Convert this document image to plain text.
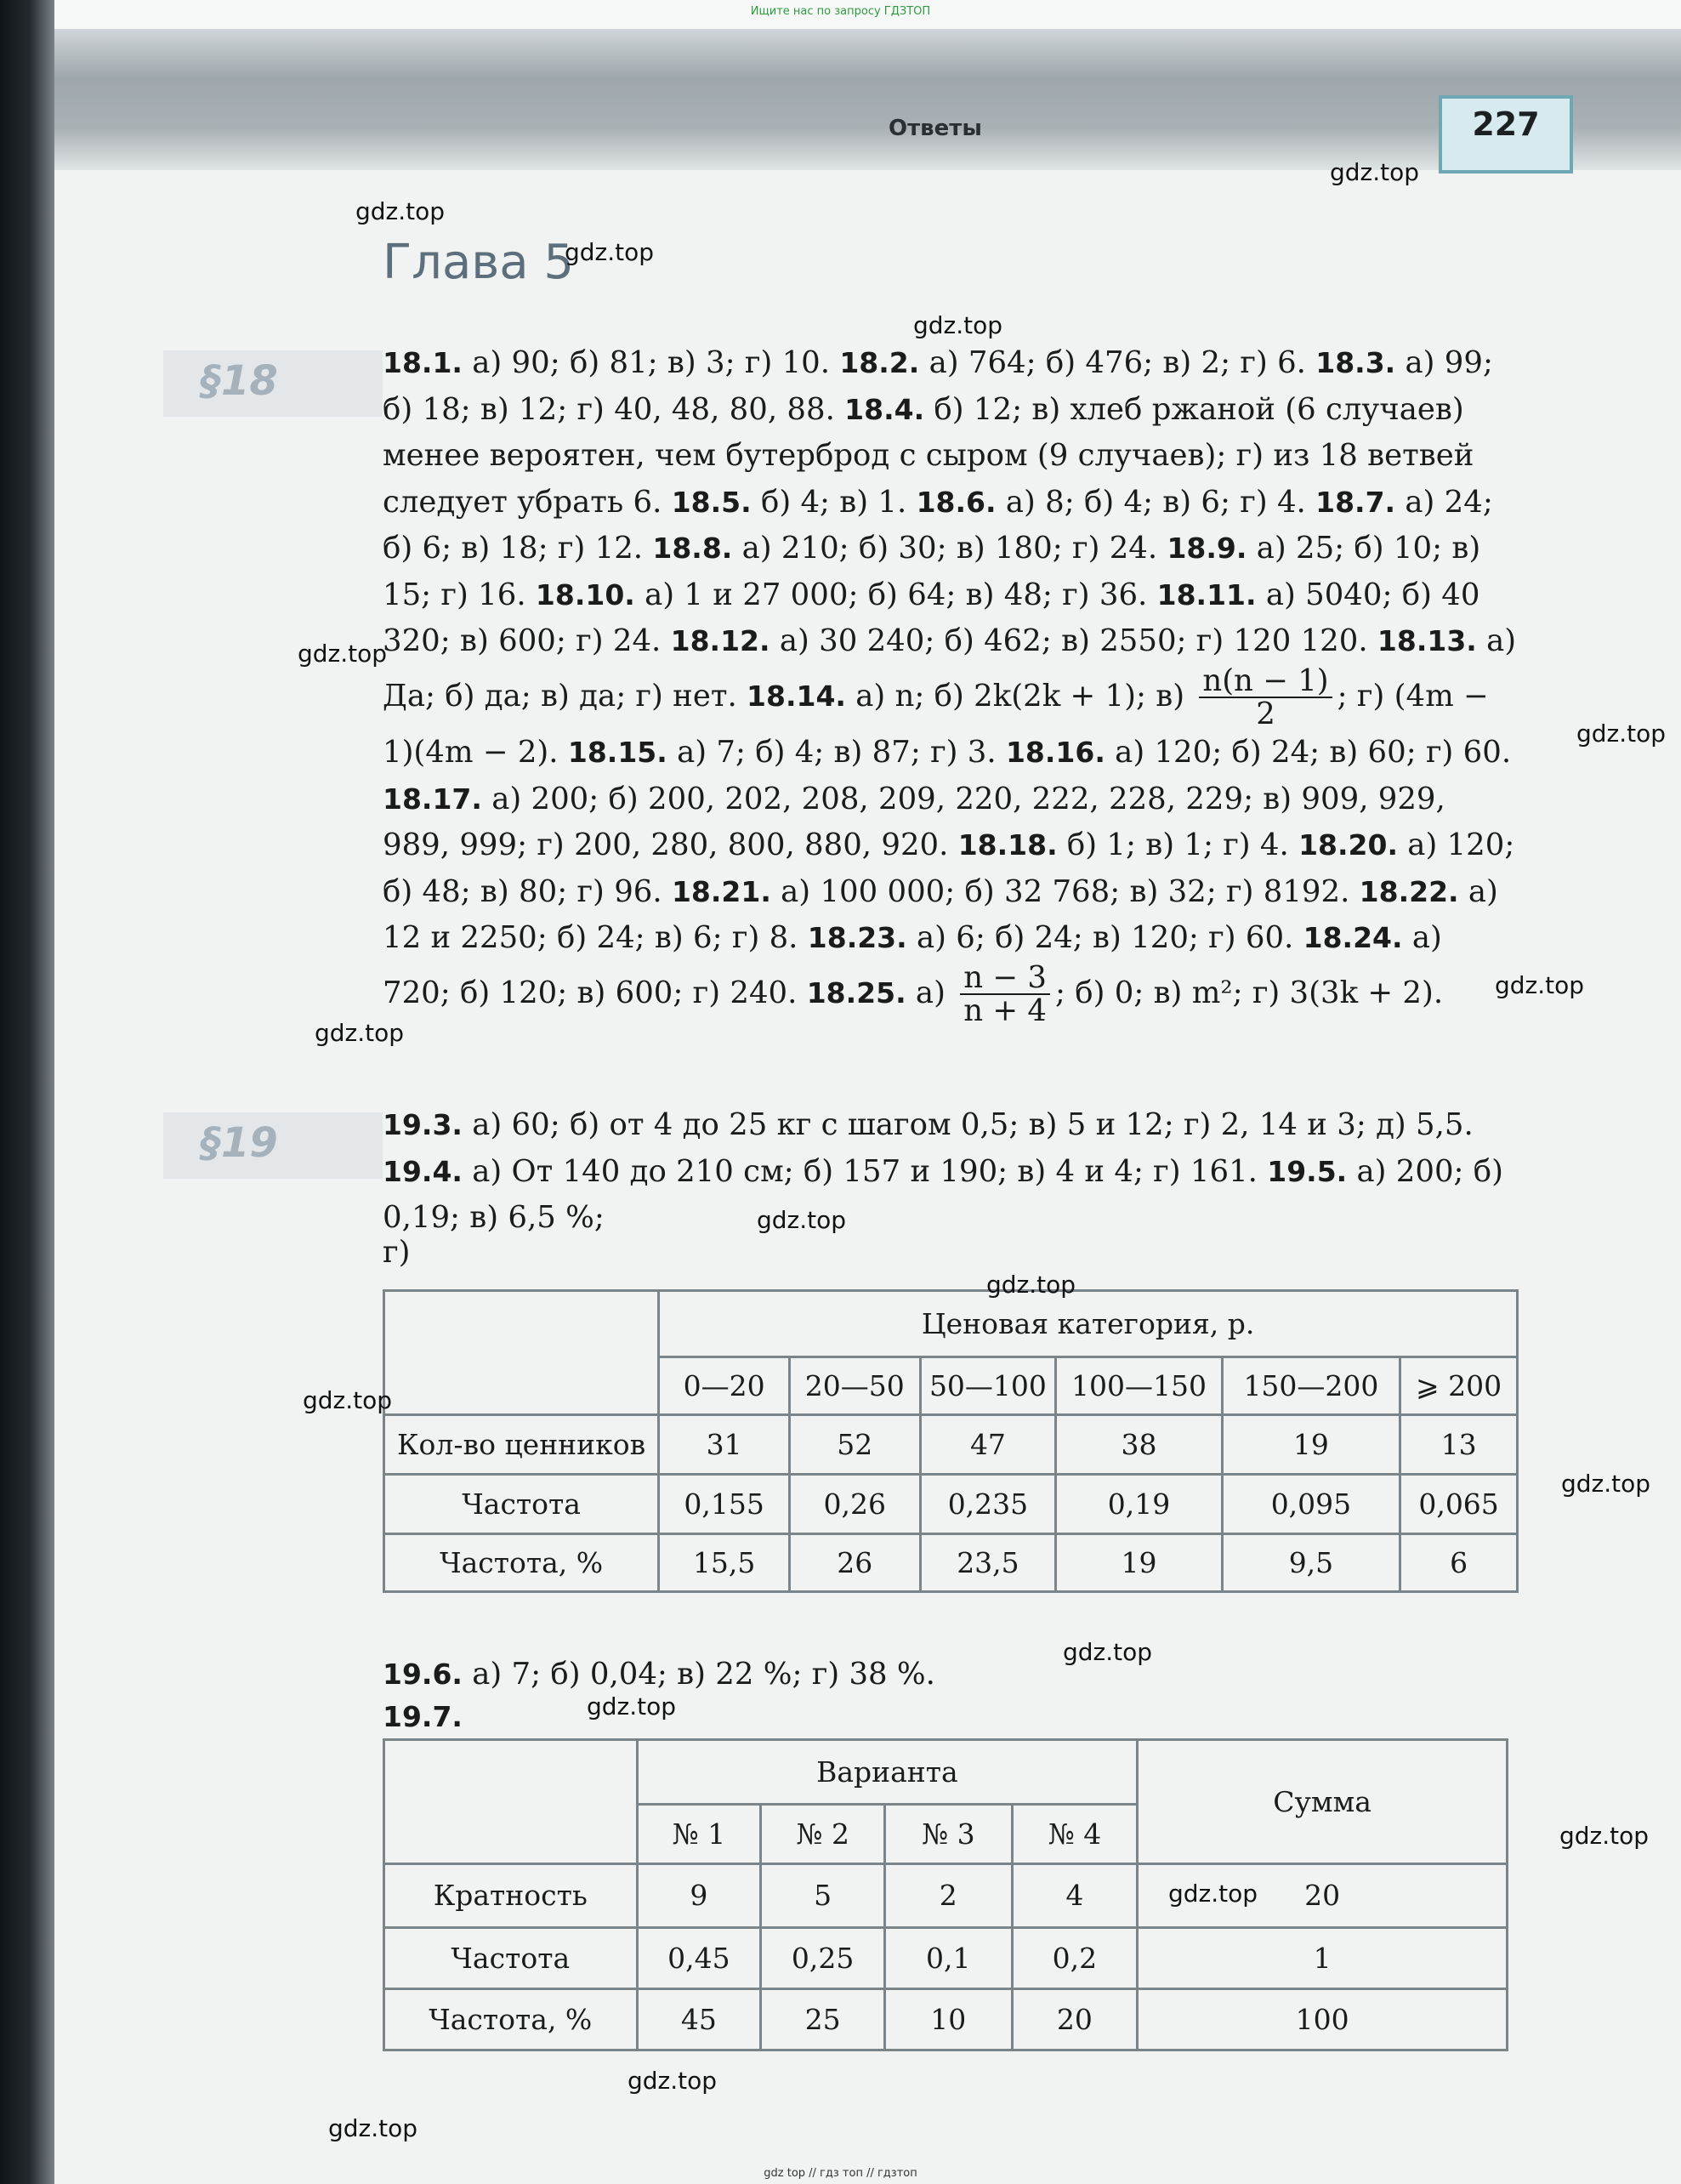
Ищите нас по запросу ГДЗТОП
Ответы	227
Глава 5
§18
§19

18.1. а) 90; б) 81; в) 3; г) 10. 18.2. а) 764; б) 476; в) 2; г) 6. 18.3. а) 99; б) 18; в) 12; г) 40, 48, 80, 88. 18.4. б) 12; в) хлеб ржаной (6 случаев) менее вероятен, чем бутерброд с сыром (9 случаев); г) из 18 ветвей следует убрать 6. 18.5. б) 4; в) 1. 18.6. а) 8; б) 4; в) 6; г) 4. 18.7. а) 24; б) 6; в) 18; г) 12. 18.8. а) 210; б) 30; в) 180; г) 24. 18.9. а) 25; б) 10; в) 15; г) 16. 18.10. а) 1 и 27 000; б) 64; в) 48; г) 36. 18.11. а) 5040; б) 40 320; в) 600; г) 24. 18.12. а) 30 240; б) 462; в) 2550; г) 120 120. 18.13. а) Да; б) да; в) да; г) нет. 18.14. а) n; б) 2k(2k + 1); $в) \frac{n(n - 1)}{2}$ ; г) (4m − 1)(4m − 2). 18.15. а) 7; б) 4; в) 87; г) 3. 18.16. а) 120; б) 24; в) 60; г) 60. 18.17. а) 200; б) 200, 202, 208, 209, 220, 222, 228, 229; в) 909, 929, 989, 999; г) 200, 280, 800, 880, 920. 18.18. б) 1; в) 1; г) 4. 18.20. а) 120; б) 48; в) 80; г) 96. 18.21. а) 100 000; б) 32 768; в) 32; г) 8192. 18.22. а) 12 и 2250; б) 24; в) 6; г) 8. 18.23. а) 6; б) 24; в) 120; г) 60. 18.24. а) 720; б) 120; в) 600; г) 240. 18.25. $а) \frac{n - 3}{n + 4}$ ; б) 0; в) m²; г) 3(3k + 2).

19.3. а) 60; б) от 4 до 25 кг с шагом 0,5; в) 5 и 12; г) 2, 14 и 3; д) 5,5. 19.4. а) От 140 до 210 см; б) 157 и 190; в) 4 и 4; г) 161. 19.5. а) 200; б) 0,19; в) 6,5 %;

г)

	Ценовая категория, р.					
	0—20	20—50	50—100	100—150	150—200	⩾ 200
Кол-во ценников	31	52	47	38	19	13
Частота	0,155	0,26	0,235	0,19	0,095	0,065
Частота, %	15,5	26	23,5	19	9,5	6

19.6. а) 7; б) 0,04; в) 22 %; г) 38 %.

19.7.

	Варианта				Сумма
	№ 1	№ 2	№ 3	№ 4	
Кратность	9	5	2	4	20
Частота	0,45	0,25	0,1	0,2	1
Частота, %	45	25	10	20	100
gdz.top
gdz.top
gdz.top
gdz.top
gdz.top
gdz.top
gdz.top
gdz.top
gdz.top
gdz.top
gdz.top
gdz.top
gdz.top
gdz.top
gdz.top
gdz.top
gdz.top
gdz.top
gdz top // гдз топ // гдзтоп
